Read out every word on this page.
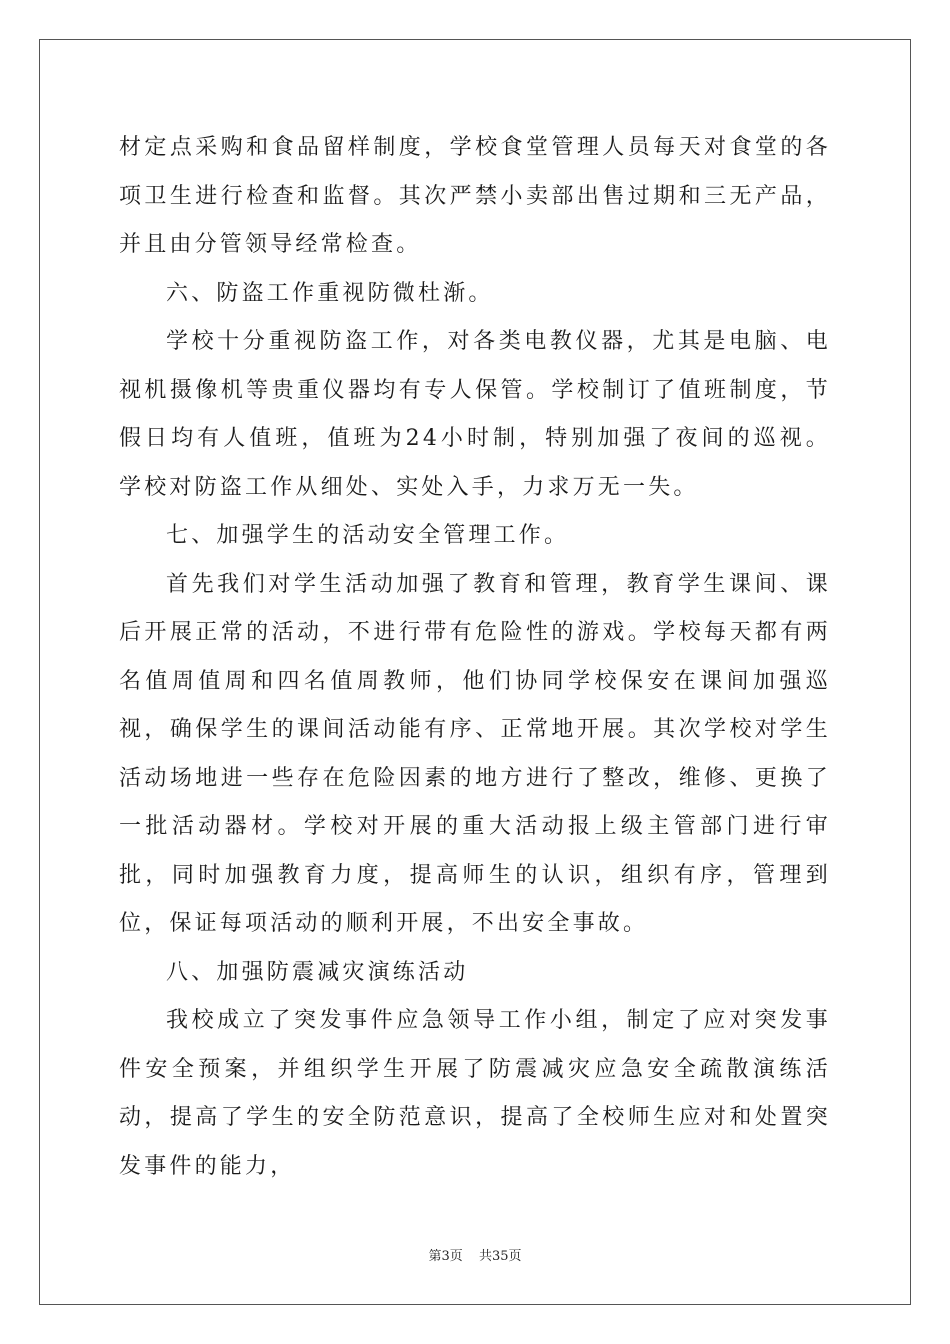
材定点采购和食品留样制度，学校食堂管理人员每天对食堂的各项卫生进行检查和监督。其次严禁小卖部出售过期和三无产品，并且由分管领导经常检查。

六、防盗工作重视防微杜渐。

学校十分重视防盗工作，对各类电教仪器，尤其是电脑、电视机摄像机等贵重仪器均有专人保管。学校制订了值班制度，节假日均有人值班，值班为24小时制，特别加强了夜间的巡视。学校对防盗工作从细处、实处入手，力求万无一失。

七、加强学生的活动安全管理工作。

首先我们对学生活动加强了教育和管理，教育学生课间、课后开展正常的活动，不进行带有危险性的游戏。学校每天都有两名值周值周和四名值周教师，他们协同学校保安在课间加强巡视，确保学生的课间活动能有序、正常地开展。其次学校对学生活动场地进一些存在危险因素的地方进行了整改，维修、更换了一批活动器材。学校对开展的重大活动报上级主管部门进行审批，同时加强教育力度，提高师生的认识，组织有序，管理到位，保证每项活动的顺利开展，不出安全事故。

八、加强防震减灾演练活动

我校成立了突发事件应急领导工作小组，制定了应对突发事件安全预案，并组织学生开展了防震减灾应急安全疏散演练活动，提高了学生的安全防范意识，提高了全校师生应对和处置突发事件的能力，

第3页 共35页
